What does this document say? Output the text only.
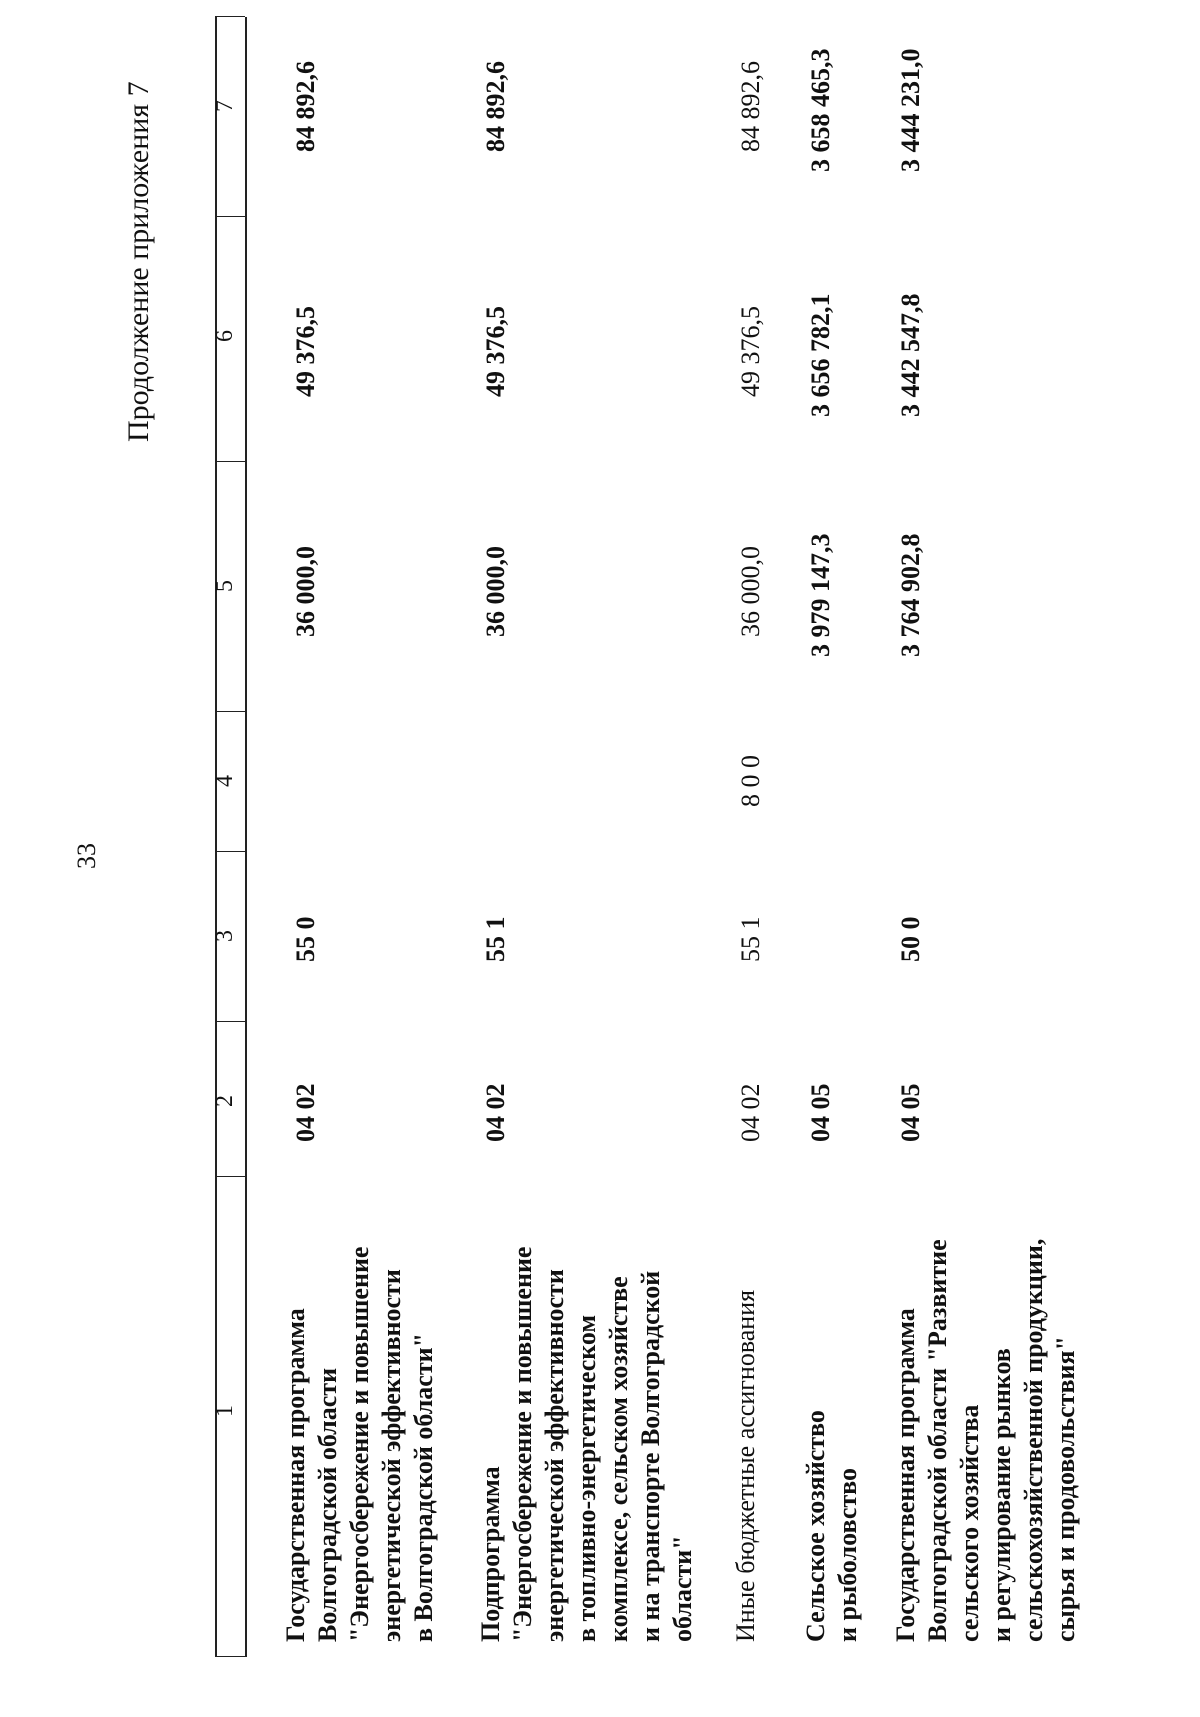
33
Продолжение приложения 7
1
2
3
4
5
6
7
Государственная программа
Волгоградской области
"Энергосбережение и повышение
энергетической эффективности
в Волгоградской области"
04 02
55 0
36 000,0
49 376,5
84 892,6
Подпрограмма
"Энергосбережение и повышение
энергетической эффективности
в топливно-энергетическом
комплексе, сельском хозяйстве
и на транспорте Волгоградской
области"
04 02
55 1
36 000,0
49 376,5
84 892,6
Иные бюджетные ассигнования
04 02
55 1
8 0 0
36 000,0
49 376,5
84 892,6
Сельское хозяйство
и рыболовство
04 05
3 979 147,3
3 656 782,1
3 658 465,3
Государственная программа
Волгоградской области "Развитие
сельского хозяйства
и регулирование рынков
сельскохозяйственной продукции,
сырья и продовольствия"
04 05
50 0
3 764 902,8
3 442 547,8
3 444 231,0
